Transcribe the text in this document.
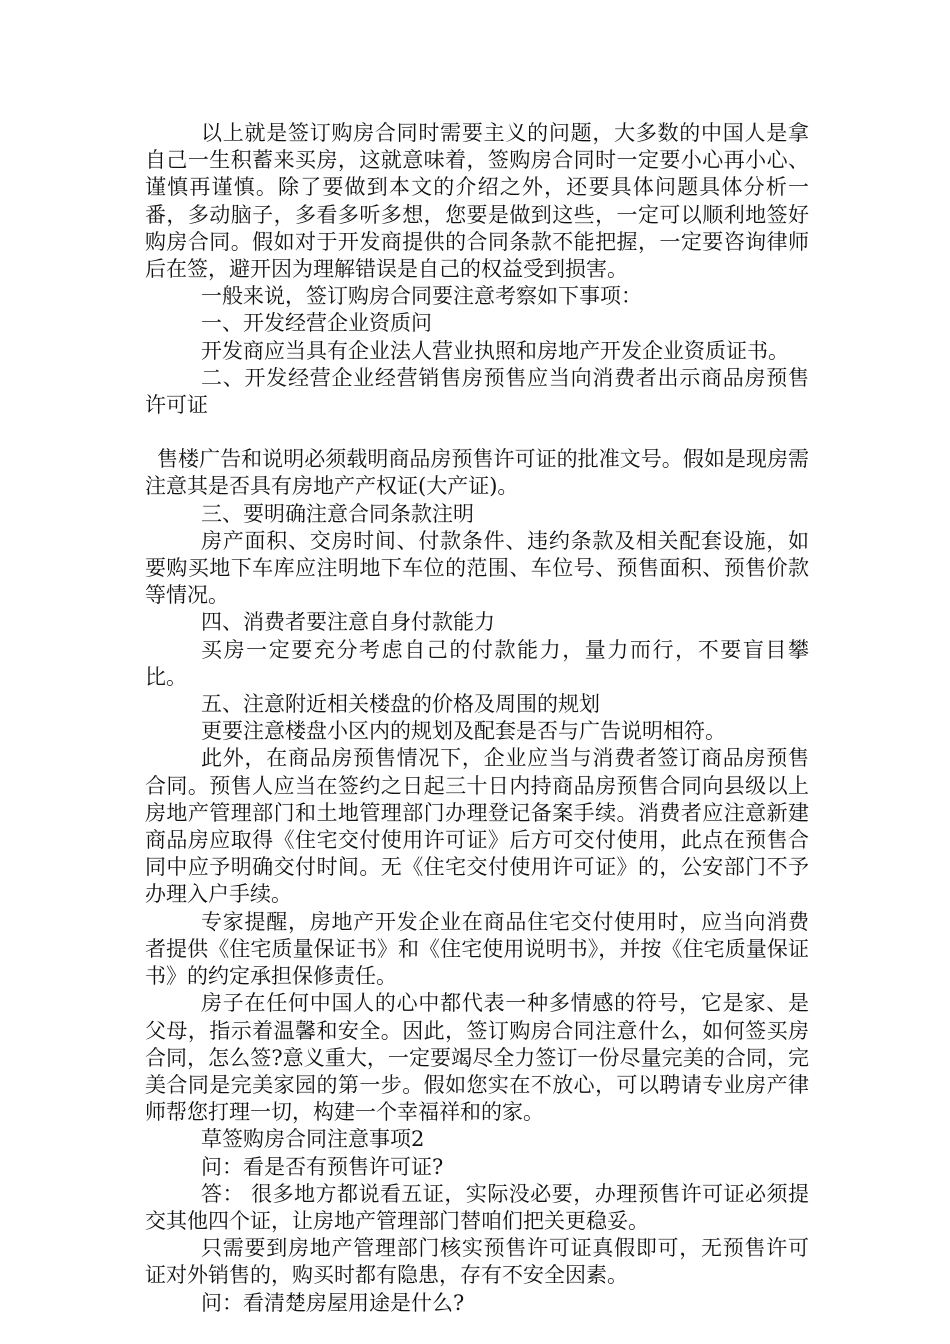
以上就是签订购房合同时需要主义的问题，大多数的中国人是拿自己一生积蓄来买房，这就意味着，签购房合同时一定要小心再小心、谨慎再谨慎。除了要做到本文的介绍之外，还要具体问题具体分析一番，多动脑子，多看多听多想，您要是做到这些，一定可以顺利地签好购房合同。假如对于开发商提供的合同条款不能把握，一定要咨询律师后在签，避开因为理解错误是自己的权益受到损害。

一般来说，签订购房合同要注意考察如下事项：

一、开发经营企业资质问

开发商应当具有企业法人营业执照和房地产开发企业资质证书。

二、开发经营企业经营销售房预售应当向消费者出示商品房预售许可证

售楼广告和说明必须载明商品房预售许可证的批准文号。假如是现房需注意其是否具有房地产产权证(大产证)。

三、要明确注意合同条款注明

房产面积、交房时间、付款条件、违约条款及相关配套设施，如要购买地下车库应注明地下车位的范围、车位号、预售面积、预售价款等情况。

四、消费者要注意自身付款能力

买房一定要充分考虑自己的付款能力，量力而行，不要盲目攀比。

五、注意附近相关楼盘的价格及周围的规划

更要注意楼盘小区内的规划及配套是否与广告说明相符。

此外，在商品房预售情况下，企业应当与消费者签订商品房预售合同。预售人应当在签约之日起三十日内持商品房预售合同向县级以上房地产管理部门和土地管理部门办理登记备案手续。消费者应注意新建商品房应取得《住宅交付使用许可证》后方可交付使用，此点在预售合同中应予明确交付时间。无《住宅交付使用许可证》的，公安部门不予办理入户手续。

专家提醒，房地产开发企业在商品住宅交付使用时，应当向消费者提供《住宅质量保证书》和《住宅使用说明书》，并按《住宅质量保证书》的约定承担保修责任。

房子在任何中国人的心中都代表一种多情感的符号，它是家、是父母，指示着温馨和安全。因此，签订购房合同注意什么，如何签买房合同，怎么签?意义重大，一定要竭尽全力签订一份尽量完美的合同，完美合同是完美家园的第一步。假如您实在不放心，可以聘请专业房产律师帮您打理一切，构建一个幸福祥和的家。

草签购房合同注意事项2

问：看是否有预售许可证?

答： 很多地方都说看五证，实际没必要，办理预售许可证必须提交其他四个证，让房地产管理部门替咱们把关更稳妥。

只需要到房地产管理部门核实预售许可证真假即可，无预售许可证对外销售的，购买时都有隐患，存有不安全因素。

问：看清楚房屋用途是什么?
